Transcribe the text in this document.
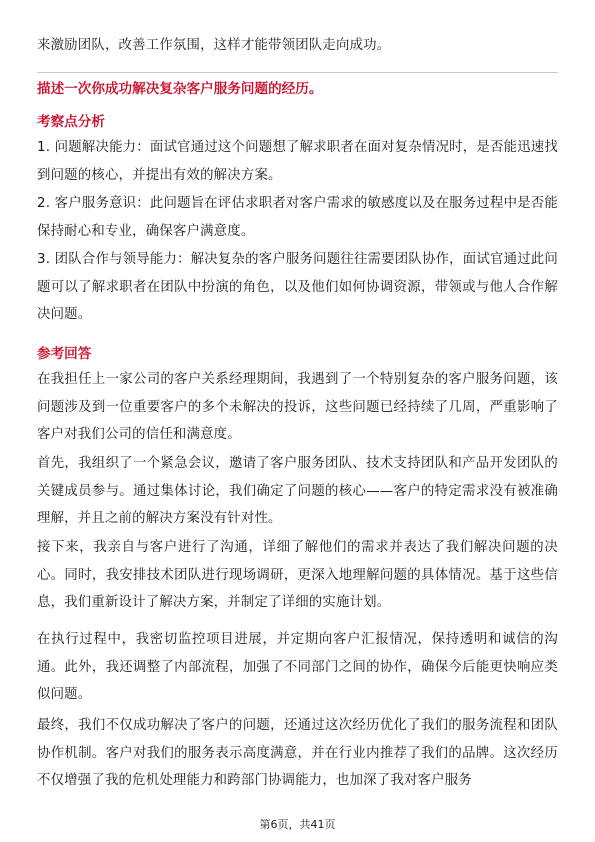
来激励团队，改善工作氛围，这样才能带领团队走向成功。

描述一次你成功解决复杂客户服务问题的经历。

考察点分析

1. 问题解决能力：面试官通过这个问题想了解求职者在面对复杂情况时，是否能迅速找到问题的核心，并提出有效的解决方案。

2. 客户服务意识：此问题旨在评估求职者对客户需求的敏感度以及在服务过程中是否能保持耐心和专业，确保客户满意度。

3. 团队合作与领导能力：解决复杂的客户服务问题往往需要团队协作，面试官通过此问题可以了解求职者在团队中扮演的角色，以及他们如何协调资源，带领或与他人合作解决问题。

参考回答

在我担任上一家公司的客户关系经理期间，我遇到了一个特别复杂的客户服务问题，该问题涉及到一位重要客户的多个未解决的投诉，这些问题已经持续了几周，严重影响了客户对我们公司的信任和满意度。

首先，我组织了一个紧急会议，邀请了客户服务团队、技术支持团队和产品开发团队的关键成员参与。通过集体讨论，我们确定了问题的核心——客户的特定需求没有被准确理解，并且之前的解决方案没有针对性。

接下来，我亲自与客户进行了沟通，详细了解他们的需求并表达了我们解决问题的决心。同时，我安排技术团队进行现场调研，更深入地理解问题的具体情况。基于这些信息，我们重新设计了解决方案，并制定了详细的实施计划。

在执行过程中，我密切监控项目进展，并定期向客户汇报情况，保持透明和诚信的沟通。此外，我还调整了内部流程，加强了不同部门之间的协作，确保今后能更快响应类似问题。

最终，我们不仅成功解决了客户的问题，还通过这次经历优化了我们的服务流程和团队协作机制。客户对我们的服务表示高度满意，并在行业内推荐了我们的品牌。这次经历不仅增强了我的危机处理能力和跨部门协调能力，也加深了我对客户服务

第6页，共41页
